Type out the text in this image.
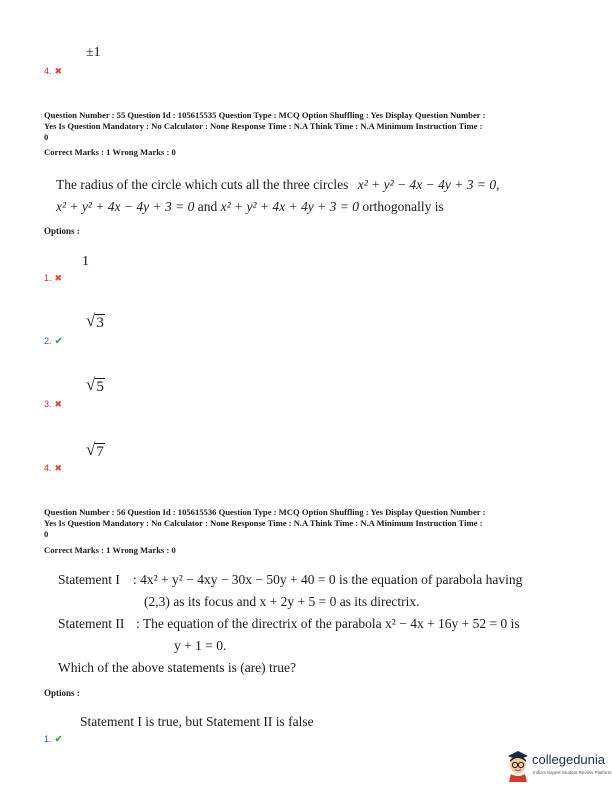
±1
4. ✖
Question Number : 55 Question Id : 105615535 Question Type : MCQ Option Shuffling : Yes Display Question Number :
Yes Is Question Mandatory : No Calculator : None Response Time : N.A Think Time : N.A Minimum Instruction Time :
0
Correct Marks : 1 Wrong Marks : 0
The radius of the circle which cuts all the three circles x² + y² − 4x − 4y + 3 = 0,
x² + y² + 4x − 4y + 3 = 0 and x² + y² + 4x + 4y + 3 = 0 orthogonally is
Options :
1
1. ✖
√ 3
2. ✔
√ 5
3. ✖
√ 7
4. ✖
Question Number : 56 Question Id : 105615536 Question Type : MCQ Option Shuffling : Yes Display Question Number :
Yes Is Question Mandatory : No Calculator : None Response Time : N.A Think Time : N.A Minimum Instruction Time :
0
Correct Marks : 1 Wrong Marks : 0
Statement I : 4x² + y² − 4xy − 30x − 50y + 40 = 0 is the equation of parabola having
(2,3) as its focus and x + 2y + 5 = 0 as its directrix.
Statement II : The equation of the directrix of the parabola x² − 4x + 16y + 52 = 0 is
y + 1 = 0.
Which of the above statements is (are) true?
Options :
Statement I is true, but Statement II is false
1. ✔
collegedunia
India's largest Student Review Platform
